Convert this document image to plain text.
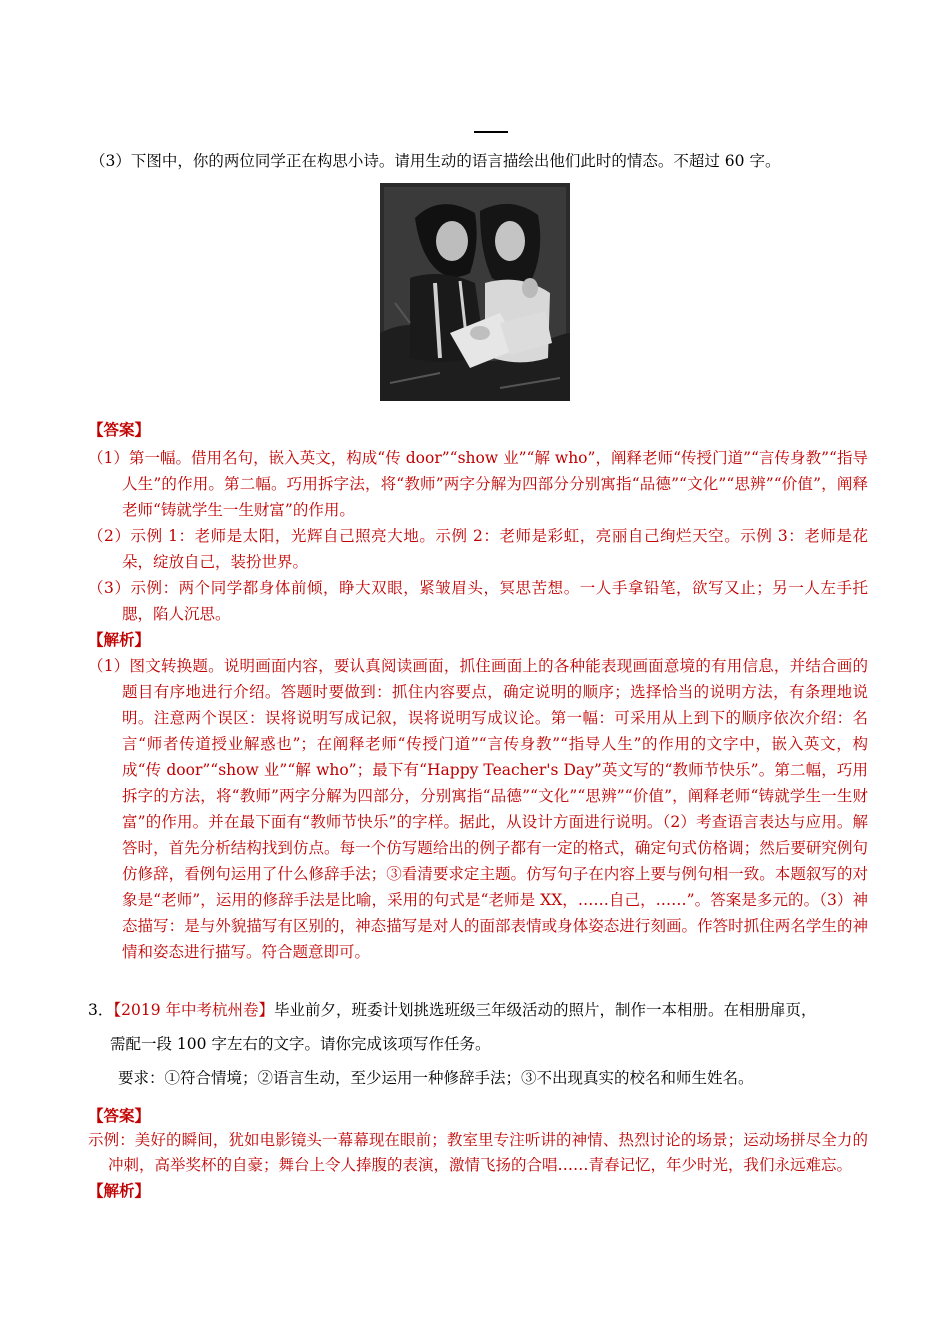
（3）下图中，你的两位同学正在构思小诗。请用生动的语言描绘出他们此时的情态。不超过 60 字。
【答案】
（1）第一幅。借用名句，嵌入英文，构成“传 door”“show 业”“解 who”，阐释老师“传授门道”“言传身教”“指导人生”的作用。第二幅。巧用拆字法，将“教师”两字分解为四部分分别寓指“品德”“文化”“思辨”“价值”，阐释老师“铸就学生一生财富”的作用。
（2）示例 1：老师是太阳，光辉自己照亮大地。示例 2：老师是彩虹，亮丽自己绚烂天空。示例 3：老师是花朵，绽放自己，装扮世界。
（3）示例：两个同学都身体前倾，睁大双眼，紧皱眉头，冥思苦想。一人手拿铅笔，欲写又止；另一人左手托腮，陷人沉思。
【解析】
（1）图文转换题。说明画面内容，要认真阅读画面，抓住画面上的各种能表现画面意境的有用信息，并结合画的题目有序地进行介绍。答题时要做到：抓住内容要点，确定说明的顺序；选择恰当的说明方法，有条理地说明。注意两个误区：误将说明写成记叙，误将说明写成议论。第一幅：可采用从上到下的顺序依次介绍：名言“师者传道授业解惑也”；在阐释老师“传授门道”“言传身教”“指导人生”的作用的文字中，嵌入英文，构成“传 door”“show 业”“解 who”；最下有“Happy Teacher's Day”英文写的“教师节快乐”。第二幅，巧用拆字的方法，将“教师”两字分解为四部分，分别寓指“品德”“文化”“思辨”“价值”，阐释老师“铸就学生一生财富”的作用。并在最下面有“教师节快乐”的字样。据此，从设计方面进行说明。（2）考查语言表达与应用。解答时，首先分析结构找到仿点。每一个仿写题给出的例子都有一定的格式，确定句式仿格调；然后要研究例句仿修辞，看例句运用了什么修辞手法；③看清要求定主题。仿写句子在内容上要与例句相一致。本题叙写的对象是“老师”，运用的修辞手法是比喻，采用的句式是“老师是 XX，……自己，……”。答案是多元的。（3）神态描写：是与外貌描写有区别的，神态描写是对人的面部表情或身体姿态进行刻画。作答时抓住两名学生的神情和姿态进行描写。符合题意即可。
3．【2019 年中考杭州卷】毕业前夕，班委计划挑选班级三年级活动的照片，制作一本相册。在相册扉页，
需配一段 100 字左右的文字。请你完成该项写作任务。
要求：①符合情境；②语言生动，至少运用一种修辞手法；③不出现真实的校名和师生姓名。
【答案】
示例：美好的瞬间，犹如电影镜头一幕幕现在眼前；教室里专注听讲的神情、热烈讨论的场景；运动场拼尽全力的冲刺，高举奖杯的自豪；舞台上令人捧腹的表演，激情飞扬的合唱……青春记忆，年少时光，我们永远难忘。
【解析】
